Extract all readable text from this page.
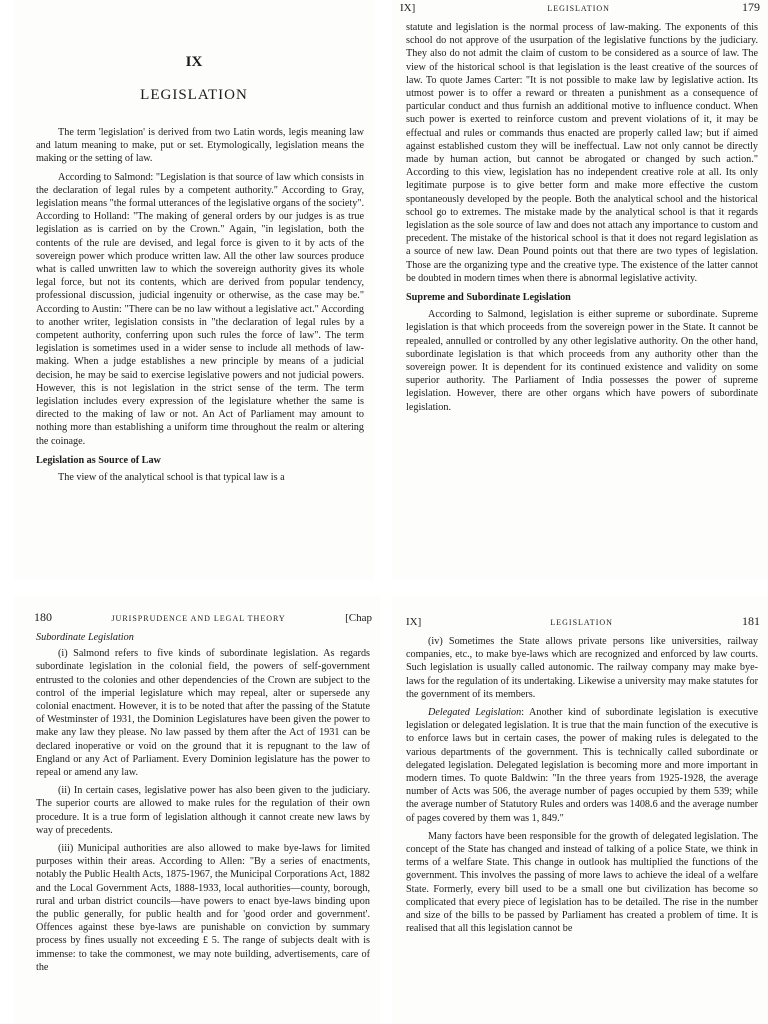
IX
LEGISLATION

The term 'legislation' is derived from two Latin words, legis meaning law and latum meaning to make, put or set. Etymologically, legislation means the making or the setting of law.

According to Salmond: "Legislation is that source of law which consists in the declaration of legal rules by a competent authority." According to Gray, legislation means "the formal utterances of the legislative organs of the society". According to Holland: "The making of general orders by our judges is as true legislation as is carried on by the Crown." Again, "in legislation, both the contents of the rule are devised, and legal force is given to it by acts of the sovereign power which produce written law. All the other law sources produce what is called unwritten law to which the sovereign authority gives its whole legal force, but not its contents, which are derived from popular tendency, professional discussion, judicial ingenuity or otherwise, as the case may be." According to Austin: "There can be no law without a legislative act." According to another writer, legislation consists in "the declaration of legal rules by a competent authority, conferring upon such rules the force of law". The term legislation is sometimes used in a wider sense to include all methods of law-making. When a judge establishes a new principle by means of a judicial decision, he may be said to exercise legislative powers and not judicial powers. However, this is not legislation in the strict sense of the term. The term legislation includes every expression of the legislature whether the same is directed to the making of law or not. An Act of Parliament may amount to nothing more than establishing a uniform time throughout the realm or altering the coinage.

Legislation as Source of Law

The view of the analytical school is that typical law is a

IX]	LEGISLATION	179

statute and legislation is the normal process of law-making. The exponents of this school do not approve of the usurpation of the legislative functions by the judiciary. They also do not admit the claim of custom to be considered as a source of law. The view of the historical school is that legislation is the least creative of the sources of law. To quote James Carter: "It is not possible to make law by legislative action. Its utmost power is to offer a reward or threaten a punishment as a consequence of particular conduct and thus furnish an additional motive to influence conduct. When such power is exerted to reinforce custom and prevent violations of it, it may be effectual and rules or commands thus enacted are properly called law; but if aimed against established custom they will be ineffectual. Law not only cannot be directly made by human action, but cannot be abrogated or changed by such action." According to this view, legislation has no independent creative role at all. Its only legitimate purpose is to give better form and make more effective the custom spontaneously developed by the people. Both the analytical school and the historical school go to extremes. The mistake made by the analytical school is that it regards legislation as the sole source of law and does not attach any importance to custom and precedent. The mistake of the historical school is that it does not regard legislation as a source of new law. Dean Pound points out that there are two types of legislation. Those are the organizing type and the creative type. The existence of the latter cannot be doubted in modern times when there is abnormal legislative activity.

Supreme and Subordinate Legislation

According to Salmond, legislation is either supreme or subordinate. Supreme legislation is that which proceeds from the sovereign power in the State. It cannot be repealed, annulled or controlled by any other legislative authority. On the other hand, subordinate legislation is that which proceeds from any authority other than the sovereign power. It is dependent for its continued existence and validity on some superior authority. The Parliament of India possesses the power of supreme legislation. However, there are other organs which have powers of subordinate legislation.

180	JURISPRUDENCE AND LEGAL THEORY	[Chap
Subordinate Legislation

(i) Salmond refers to five kinds of subordinate legislation. As regards subordinate legislation in the colonial field, the powers of self-government entrusted to the colonies and other dependencies of the Crown are subject to the control of the imperial legislature which may repeal, alter or supersede any colonial enactment. However, it is to be noted that after the passing of the Statute of Westminster of 1931, the Dominion Legislatures have been given the power to make any law they please. No law passed by them after the Act of 1931 can be declared inoperative or void on the ground that it is repugnant to the law of England or any Act of Parliament. Every Dominion legislature has the power to repeal or amend any law.

(ii) In certain cases, legislative power has also been given to the judiciary. The superior courts are allowed to make rules for the regulation of their own procedure. It is a true form of legislation although it cannot create new laws by way of precedents.

(iii) Municipal authorities are also allowed to make bye-laws for limited purposes within their areas. According to Allen: "By a series of enactments, notably the Public Health Acts, 1875-1967, the Municipal Corporations Act, 1882 and the Local Government Acts, 1888-1933, local authorities—county, borough, rural and urban district councils—have powers to enact bye-laws binding upon the public generally, for public health and for 'good order and government'. Offences against these bye-laws are punishable on conviction by summary process by fines usually not exceeding £ 5. The range of subjects dealt with is immense: to take the commonest, we may note building, advertisements, care of the

IX]	LEGISLATION	181

(iv) Sometimes the State allows private persons like universities, railway companies, etc., to make bye-laws which are recognized and enforced by law courts. Such legislation is usually called autonomic. The railway company may make bye-laws for the regulation of its undertaking. Likewise a university may make statutes for the government of its members.

Delegated Legislation: Another kind of subordinate legislation is executive legislation or delegated legislation. It is true that the main function of the executive is to enforce laws but in certain cases, the power of making rules is delegated to the various departments of the government. This is technically called subordinate or delegated legislation. Delegated legislation is becoming more and more important in modern times. To quote Baldwin: "In the three years from 1925-1928, the average number of Acts was 506, the average number of pages occupied by them 539; while the average number of Statutory Rules and orders was 1408.6 and the average number of pages covered by them was 1, 849."

Many factors have been responsible for the growth of delegated legislation. The concept of the State has changed and instead of talking of a police State, we think in terms of a welfare State. This change in outlook has multiplied the functions of the government. This involves the passing of more laws to achieve the ideal of a welfare State. Formerly, every bill used to be a small one but civilization has become so complicated that every piece of legislation has to be detailed. The rise in the number and size of the bills to be passed by Parliament has created a problem of time. It is realised that all this legislation cannot be
